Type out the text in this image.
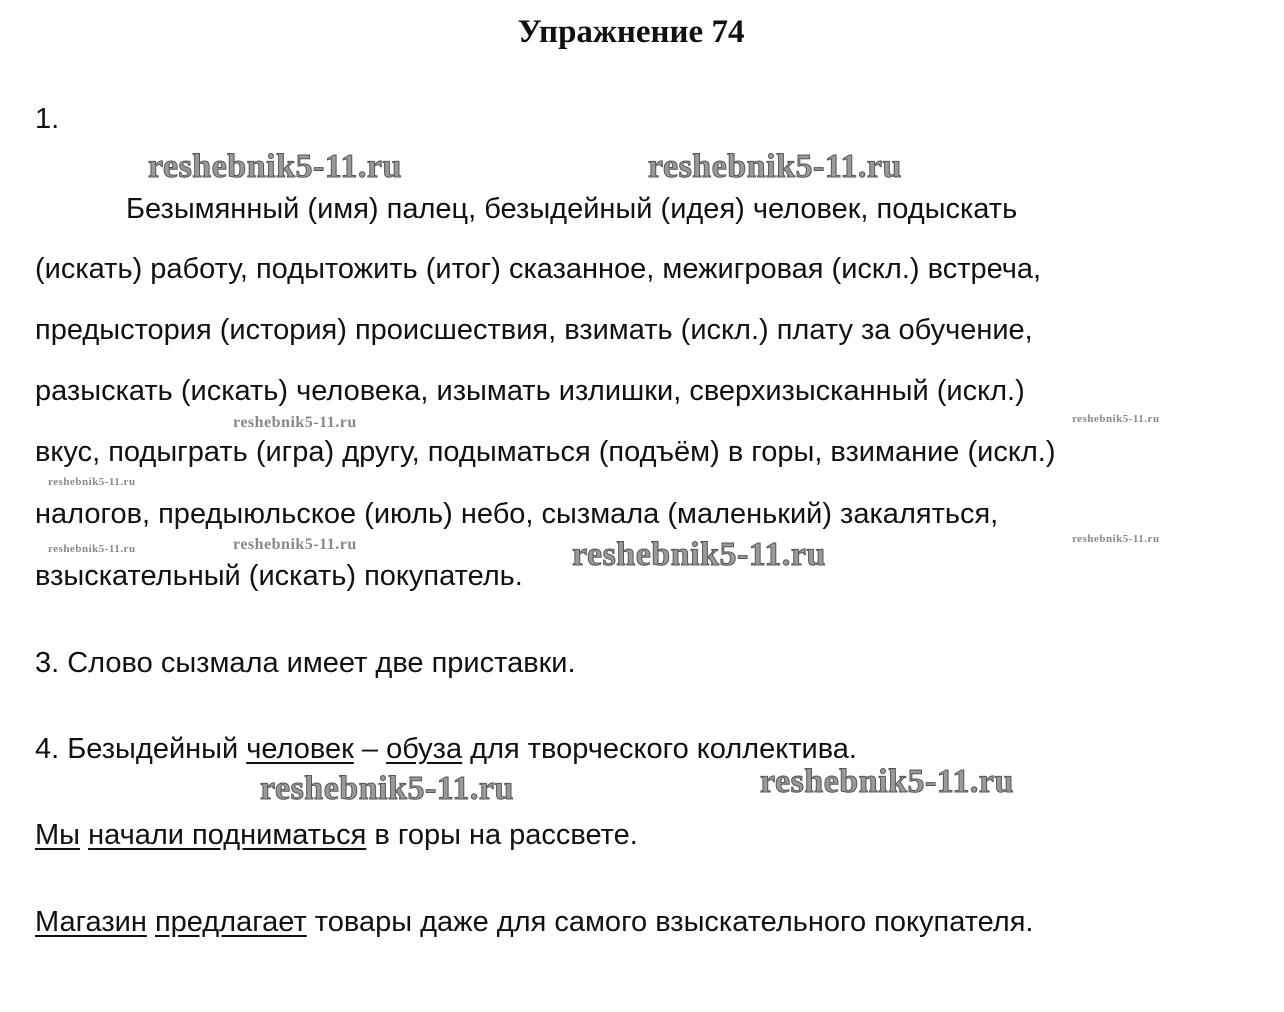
Упражнение 74
1.
reshebnik5-11.ru	reshebnik5-11.ru
Безымянный (имя) палец, безыдейный (идея) человек, подыскать
(искать) работу, подытожить (итог) сказанное, межигровая (искл.) встреча,
предыстория (история) происшествия, взимать (искл.) плату за обучение,
разыскать (искать) человека, изымать излишки, сверхизысканный (искл.)
reshebnik5-11.ru	reshebnik5-11.ru
вкус, подыграть (игра) другу, подыматься (подъём) в горы, взимание (искл.)
reshebnik5-11.ru
налогов, предыюльское (июль) небо, сызмала (маленький) закаляться,
reshebnik5-11.ru
reshebnik5-11.ru	reshebnik5-11.ru	reshebnik5-11.ru
взыскательный (искать) покупатель.
3. Слово сызмала имеет две приставки.
4. Безыдейный человек – обуза для творческого коллектива.
reshebnik5-11.ru	reshebnik5-11.ru
Мы начали подниматься в горы на рассвете.
Магазин предлагает товары даже для самого взыскательного покупателя.
